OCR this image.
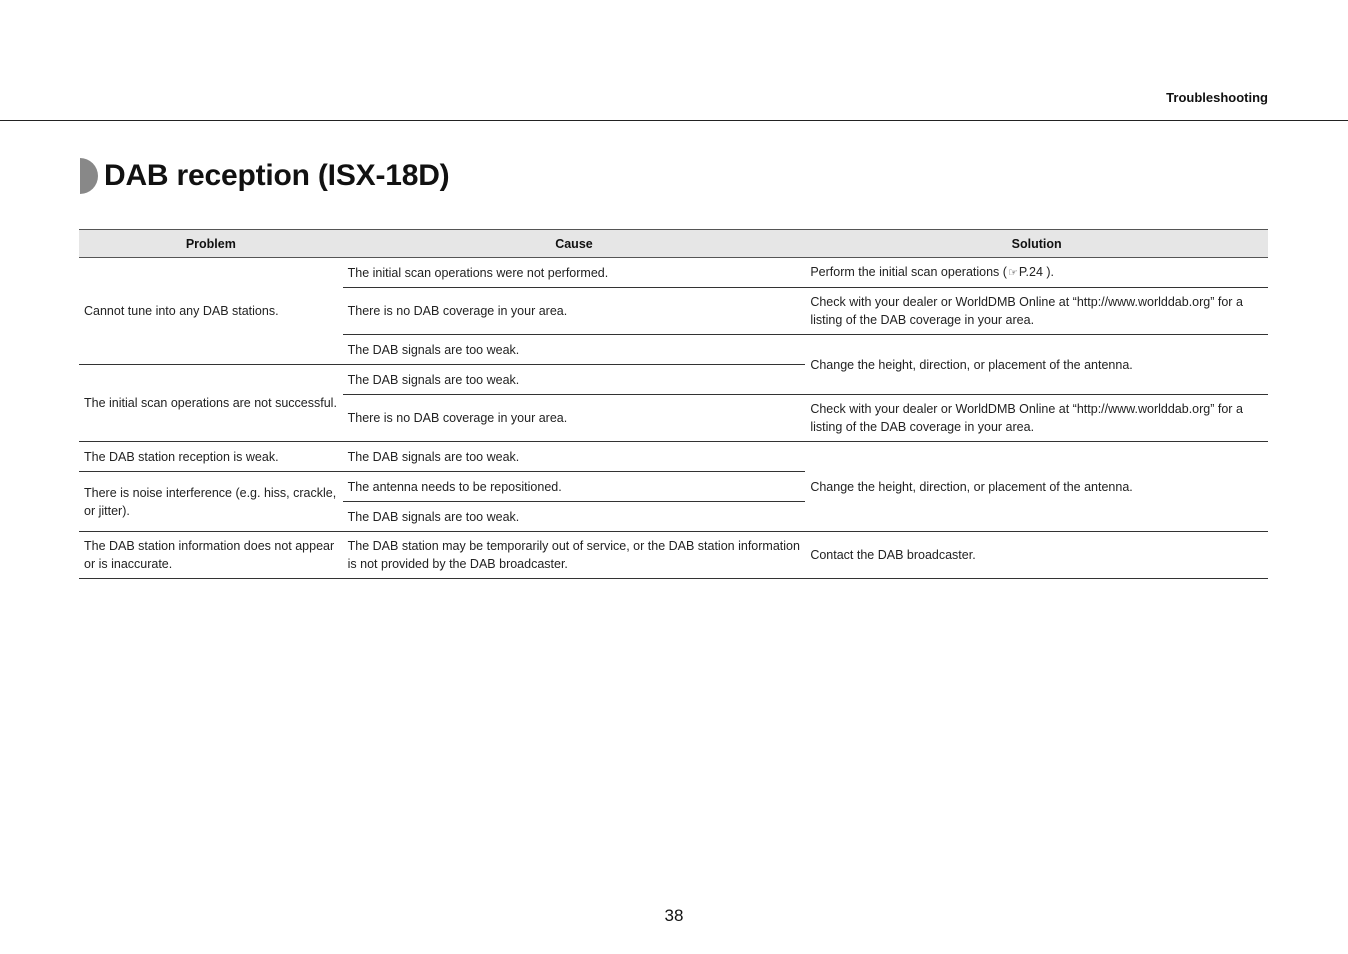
Troubleshooting
DAB reception (ISX-18D)
Problem	Cause	Solution
Cannot tune into any DAB stations.	The initial scan operations were not performed.	Perform the initial scan operations (☞P.24 ).
	There is no DAB coverage in your area.	Check with your dealer or WorldDMB Online at “http://www.worlddab.org” for a listing of the DAB coverage in your area.
	The DAB signals are too weak.	Change the height, direction, or placement of the antenna.
The initial scan operations are not successful.	The DAB signals are too weak.	
	There is no DAB coverage in your area.	Check with your dealer or WorldDMB Online at “http://www.worlddab.org” for a listing of the DAB coverage in your area.
The DAB station reception is weak.	The DAB signals are too weak.	Change the height, direction, or placement of the antenna.
There is noise interference (e.g. hiss, crackle, or jitter).	The antenna needs to be repositioned.	
	The DAB signals are too weak.	
The DAB station information does not appear or is inaccurate.	The DAB station may be temporarily out of service, or the DAB station information is not provided by the DAB broadcaster.	Contact the DAB broadcaster.
38
